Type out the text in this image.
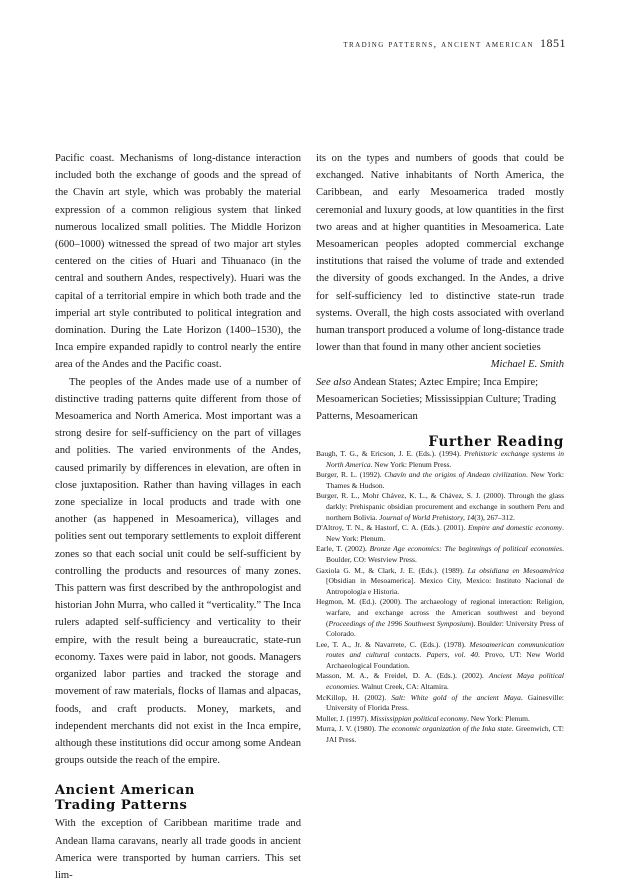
trading patterns, ancient american 1851

Pacific coast. Mechanisms of long-distance interaction included both the exchange of goods and the spread of the Chavín art style, which was probably the material expression of a common religious system that linked numerous localized small polities. The Middle Horizon (600–1000) witnessed the spread of two major art styles centered on the cities of Huari and Tihuanaco (in the central and southern Andes, respectively). Huari was the capital of a territorial empire in which both trade and the imperial art style contributed to political integration and domination. During the Late Horizon (1400–1530), the Inca empire expanded rapidly to control nearly the entire area of the Andes and the Pacific coast.

The peoples of the Andes made use of a number of distinctive trading patterns quite different from those of Mesoamerica and North America. Most important was a strong desire for self-sufficiency on the part of villages and polities. The varied environments of the Andes, caused primarily by differences in elevation, are often in close juxtaposition. Rather than having villages in each zone specialize in local products and trade with one another (as happened in Mesoamerica), villages and polities sent out temporary settlements to exploit different zones so that each social unit could be self-sufficient by controlling the products and resources of many zones. This pattern was first described by the anthropologist and historian John Murra, who called it “verticality.” The Inca rulers adapted self-sufficiency and verticality to their empire, with the result being a bureaucratic, state-run economy. Taxes were paid in labor, not goods. Managers organized labor parties and tracked the storage and movement of raw materials, flocks of llamas and alpacas, foods, and craft products. Money, markets, and independent merchants did not exist in the Inca empire, although these institutions did occur among some Andean groups outside the reach of the empire.

Ancient American
Trading Patterns

With the exception of Caribbean maritime trade and Andean llama caravans, nearly all trade goods in ancient America were transported by human carriers. This set lim-

its on the types and numbers of goods that could be exchanged. Native inhabitants of North America, the Caribbean, and early Mesoamerica traded mostly ceremonial and luxury goods, at low quantities in the first two areas and at higher quantities in Mesoamerica. Late Mesoamerican peoples adopted commercial exchange institutions that raised the volume of trade and extended the diversity of goods exchanged. In the Andes, a drive for self-sufficiency led to distinctive state-run trade systems. Overall, the high costs associated with overland human transport produced a volume of long-distance trade lower than that found in many other ancient societies

Michael E. Smith

See also Andean States; Aztec Empire; Inca Empire; Mesoamerican Societies; Mississippian Culture; Trading Patterns, Mesoamerican

Further Reading

Baugh, T. G., & Ericson, J. E. (Eds.). (1994). Prehistoric exchange systems in North America. New York: Plenum Press.

Burger, R. L. (1992). Chavín and the origins of Andean civilization. New York: Thames & Hudson.

Burger, R. L., Mohr Chávez, K. L., & Chávez, S. J. (2000). Through the glass darkly: Prehispanic obsidian procurement and exchange in southern Peru and northern Bolivia. Journal of World Prehistory, 14(3), 267–312.

D'Altroy, T. N., & Hastorf, C. A. (Eds.). (2001). Empire and domestic economy. New York: Plenum.

Earle, T. (2002). Bronze Age economics: The beginnings of political economies. Boulder, CO: Westview Press.

Gaxiola G. M., & Clark, J. E. (Eds.). (1989). La obsidiana en Mesoamérica [Obsidian in Mesoamerica]. Mexico City, Mexico: Instituto Nacional de Antropología e Historia.

Hegmon, M. (Ed.). (2000). The archaeology of regional interaction: Religion, warfare, and exchange across the American southwest and beyond (Proceedings of the 1996 Southwest Symposium). Boulder: University Press of Colorado.

Lee, T. A., Jr. & Navarrete, C. (Eds.). (1978). Mesoamerican communication routes and cultural contacts. Papers, vol. 40. Provo, UT: New World Archaeological Foundation.

Masson, M. A., & Freidel, D. A. (Eds.). (2002). Ancient Maya political economies. Walnut Creek, CA: Altamira.

McKillop, H. (2002). Salt: White gold of the ancient Maya. Gainesville: University of Florida Press.

Muller, J. (1997). Mississippian political economy. New York: Plenum.

Murra, J. V. (1980). The economic organization of the Inka state. Greenwich, CT: JAI Press.
